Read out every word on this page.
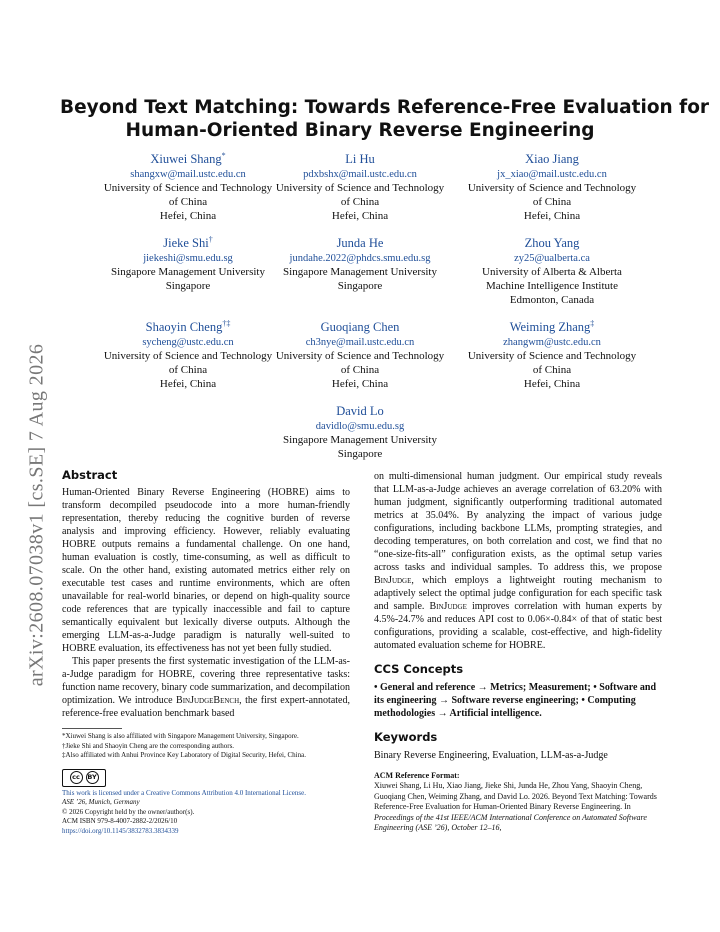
arXiv:2608.07038v1 [cs.SE] 7 Aug 2026
Beyond Text Matching: Towards Reference-Free Evaluation for
Human-Oriented Binary Reverse Engineering
Xiuwei Shang*
shangxw@mail.ustc.edu.cn
University of Science and Technology
of China
Hefei, China
Li Hu
pdxbshx@mail.ustc.edu.cn
University of Science and Technology
of China
Hefei, China
Xiao Jiang
jx_xiao@mail.ustc.edu.cn
University of Science and Technology
of China
Hefei, China
Jieke Shi†
jiekeshi@smu.edu.sg
Singapore Management University
Singapore
Junda He
jundahe.2022@phdcs.smu.edu.sg
Singapore Management University
Singapore
Zhou Yang
zy25@ualberta.ca
University of Alberta & Alberta
Machine Intelligence Institute
Edmonton, Canada
Shaoyin Cheng†‡
sycheng@ustc.edu.cn
University of Science and Technology
of China
Hefei, China
Guoqiang Chen
ch3nye@mail.ustc.edu.cn
University of Science and Technology
of China
Hefei, China
Weiming Zhang‡
zhangwm@ustc.edu.cn
University of Science and Technology
of China
Hefei, China
David Lo
davidlo@smu.edu.sg
Singapore Management University
Singapore
Abstract

Human-Oriented Binary Reverse Engineering (HOBRE) aims to transform decompiled pseudocode into a more human-friendly representation, thereby reducing the cognitive burden of reverse analysis and improving efficiency. However, reliably evaluating HOBRE outputs remains a fundamental challenge. On one hand, human evaluation is costly, time-consuming, as well as difficult to scale. On the other hand, existing automated metrics either rely on executable test cases and runtime environments, which are often unavailable for real-world binaries, or depend on high-quality source code references that are typically inaccessible and fail to capture semantically equivalent but lexically diverse outputs. Although the emerging LLM-as-a-Judge paradigm is naturally well-suited to HOBRE evaluation, its effectiveness has not yet been fully studied.

This paper presents the first systematic investigation of the LLM-as-a-Judge paradigm for HOBRE, covering three representative tasks: function name recovery, binary code summarization, and decompilation optimization. We introduce BinJudgeBench, the first expert-annotated, reference-free evaluation benchmark based

*Xiuwei Shang is also affiliated with Singapore Management University, Singapore.
†Jieke Shi and Shaoyin Cheng are the corresponding authors.
‡Also affiliated with Anhui Province Key Laboratory of Digital Security, Hefei, China.
cc	BY
This work is licensed under a Creative Commons Attribution 4.0 International License.
ASE ’26, Munich, Germany
© 2026 Copyright held by the owner/author(s).
ACM ISBN 979-8-4007-2882-2/2026/10
https://doi.org/10.1145/3832783.3834339

on multi-dimensional human judgment. Our empirical study reveals that LLM-as-a-Judge achieves an average correlation of 63.20% with human judgment, significantly outperforming traditional automated metrics at 35.04%. By analyzing the impact of various judge configurations, including backbone LLMs, prompting strategies, and decoding temperatures, on both correlation and cost, we find that no “one-size-fits-all” configuration exists, as the optimal setup varies across tasks and individual samples. To address this, we propose BinJudge, which employs a lightweight routing mechanism to adaptively select the optimal judge configuration for each specific task and sample. BinJudge improves correlation with human experts by 4.5%-24.7% and reduces API cost to 0.06×-0.84× of that of static best configurations, providing a scalable, cost-effective, and high-fidelity automated evaluation scheme for HOBRE.

CCS Concepts
• General and reference → Metrics; Measurement; • Software and its engineering → Software reverse engineering; • Computing methodologies → Artificial intelligence.
Keywords
Binary Reverse Engineering, Evaluation, LLM-as-a-Judge
ACM Reference Format:
Xiuwei Shang, Li Hu, Xiao Jiang, Jieke Shi, Junda He, Zhou Yang, Shaoyin Cheng, Guoqiang Chen, Weiming Zhang, and David Lo. 2026. Beyond Text Matching: Towards Reference-Free Evaluation for Human-Oriented Binary Reverse Engineering. In Proceedings of the 41st IEEE/ACM International Conference on Automated Software Engineering (ASE ’26), October 12–16,
